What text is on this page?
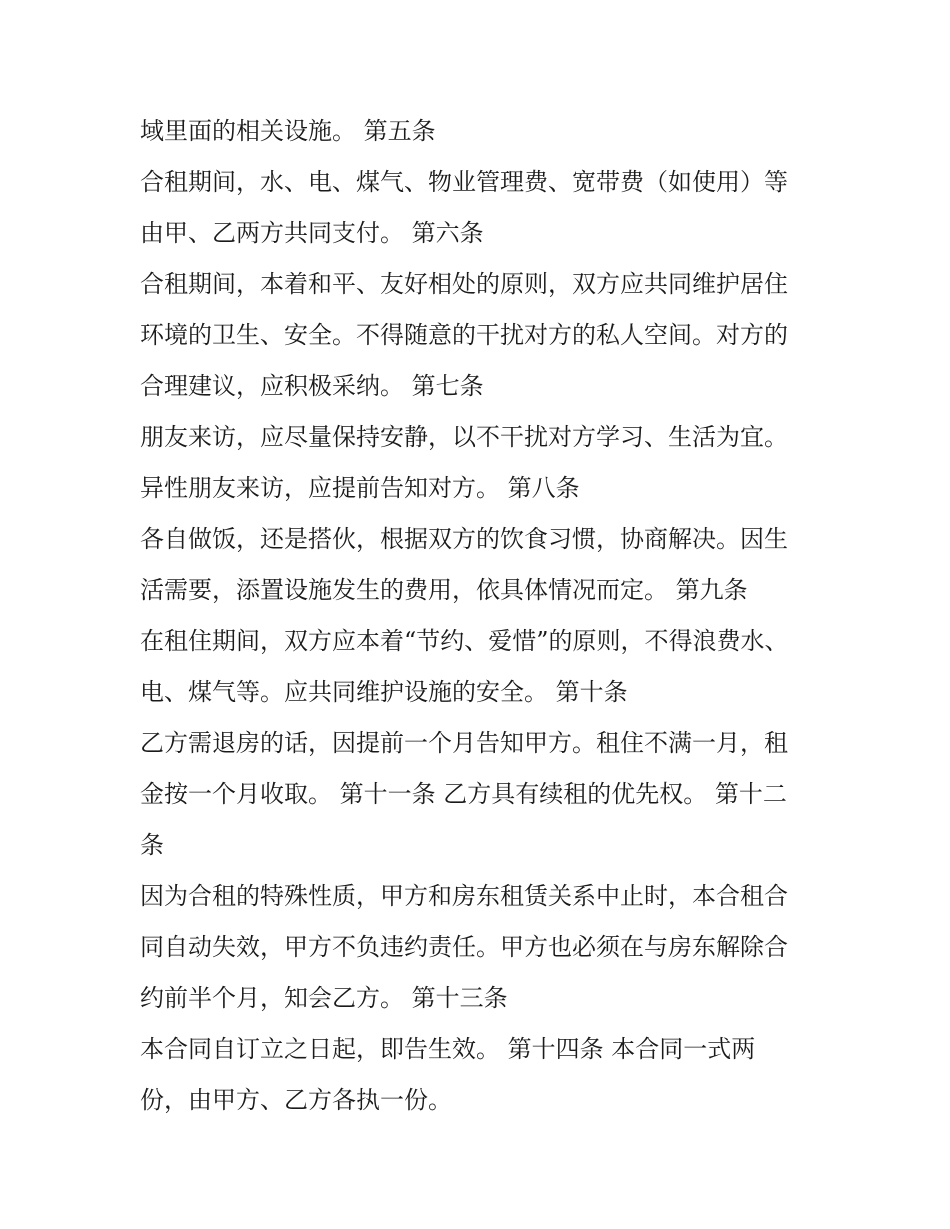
域里面的相关设施。 第五条
合租期间，水、电、煤气、物业管理费、宽带费（如使用）等
由甲、乙两方共同支付。 第六条
合租期间，本着和平、友好相处的原则，双方应共同维护居住
环境的卫生、安全。不得随意的干扰对方的私人空间。对方的
合理建议，应积极采纳。 第七条
朋友来访，应尽量保持安静，以不干扰对方学习、生活为宜。
异性朋友来访，应提前告知对方。 第八条
各自做饭，还是搭伙，根据双方的饮食习惯，协商解决。因生
活需要，添置设施发生的费用，依具体情况而定。 第九条
在租住期间，双方应本着“节约、爱惜”的原则，不得浪费水、
电、煤气等。应共同维护设施的安全。 第十条
乙方需退房的话，因提前一个月告知甲方。租住不满一月，租
金按一个月收取。 第十一条 乙方具有续租的优先权。 第十二
条
因为合租的特殊性质，甲方和房东租赁关系中止时，本合租合
同自动失效，甲方不负违约责任。甲方也必须在与房东解除合
约前半个月，知会乙方。 第十三条
本合同自订立之日起，即告生效。 第十四条 本合同一式两
份，由甲方、乙方各执一份。
